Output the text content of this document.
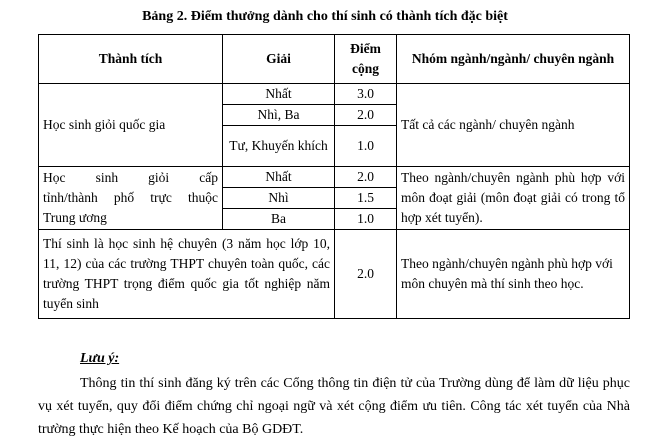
Bảng 2. Điểm thưởng dành cho thí sinh có thành tích đặc biệt
Thành tích	Giải	Điểm cộng	Nhóm ngành/ngành/ chuyên ngành
Học sinh giỏi quốc gia	Nhất	3.0	Tất cả các ngành/ chuyên ngành
	Nhì, Ba	2.0	
	Tư, Khuyến khích	1.0	

Học sinh giỏi cấp
tỉnh/thành phố trực thuộc
Trung ương	Nhất	2.0	Theo ngành/chuyên ngành phù hợp với môn đoạt giải (môn đoạt giải có trong tổ hợp xét tuyển).
	Nhì	1.5	
	Ba	1.0	
Thí sinh là học sinh hệ chuyên (3 năm học lớp 10, 11, 12) của các trường THPT chuyên toàn quốc, các trường THPT trọng điểm quốc gia tốt nghiệp năm tuyển sinh		2.0	Theo ngành/chuyên ngành phù hợp với môn chuyên mà thí sinh theo học.
Lưu ý:

Thông tin thí sinh đăng ký trên các Cổng thông tin điện tử của Trường dùng để làm dữ liệu phục vụ xét tuyển, quy đổi điểm chứng chỉ ngoại ngữ và xét cộng điểm ưu tiên. Công tác xét tuyển của Nhà trường thực hiện theo Kế hoạch của Bộ GDĐT.
